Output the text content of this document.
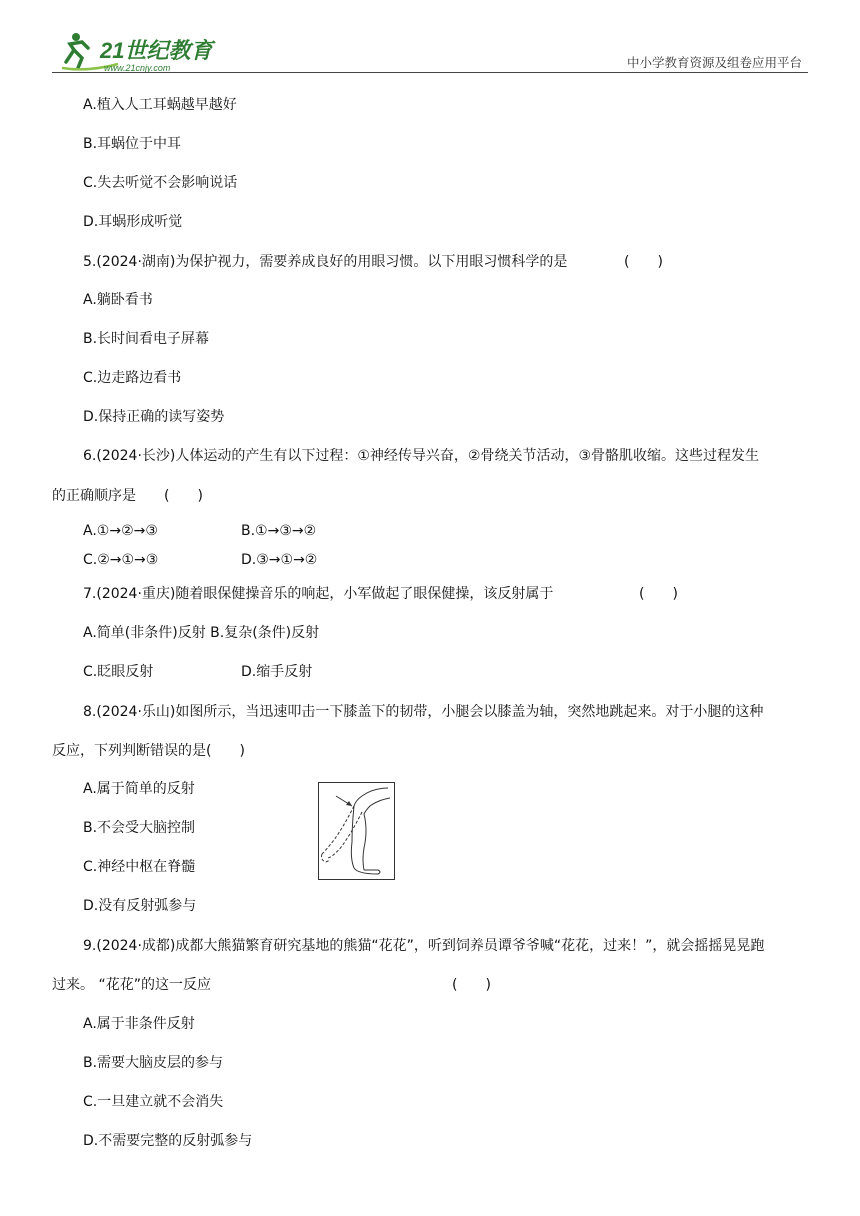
21世纪教育
www.21cnjy.com	中小学教育资源及组卷应用平台
A.植入人工耳蜗越早越好
B.耳蜗位于中耳
C.失去听觉不会影响说话
D.耳蜗形成听觉
5.(2024·湖南)为保护视力，需要养成良好的用眼习惯。以下用眼习惯科学的是	(　　)
A.躺卧看书
B.长时间看电子屏幕
C.边走路边看书
D.保持正确的读写姿势
6.(2024·长沙)人体运动的产生有以下过程：①神经传导兴奋，②骨绕关节活动，③骨骼肌收缩。这些过程发生
的正确顺序是 (　　)
A.①→②→③	B.①→③→②
C.②→①→③	D.③→①→②
7.(2024·重庆)随着眼保健操音乐的响起，小军做起了眼保健操，该反射属于	(　　)
A.简单(非条件)反射 B.复杂(条件)反射
C.眨眼反射	D.缩手反射
8.(2024·乐山)如图所示，当迅速叩击一下膝盖下的韧带，小腿会以膝盖为轴，突然地跳起来。对于小腿的这种
反应，下列判断错误的是(　　)
A.属于简单的反射
B.不会受大脑控制
C.神经中枢在脊髓
D.没有反射弧参与
9.(2024·成都)成都大熊猫繁育研究基地的熊猫“花花”，听到饲养员谭爷爷喊“花花，过来！”，就会摇摇晃晃跑
过来。 “花花”的这一反应	(　　)
A.属于非条件反射
B.需要大脑皮层的参与
C.一旦建立就不会消失
D.不需要完整的反射弧参与
